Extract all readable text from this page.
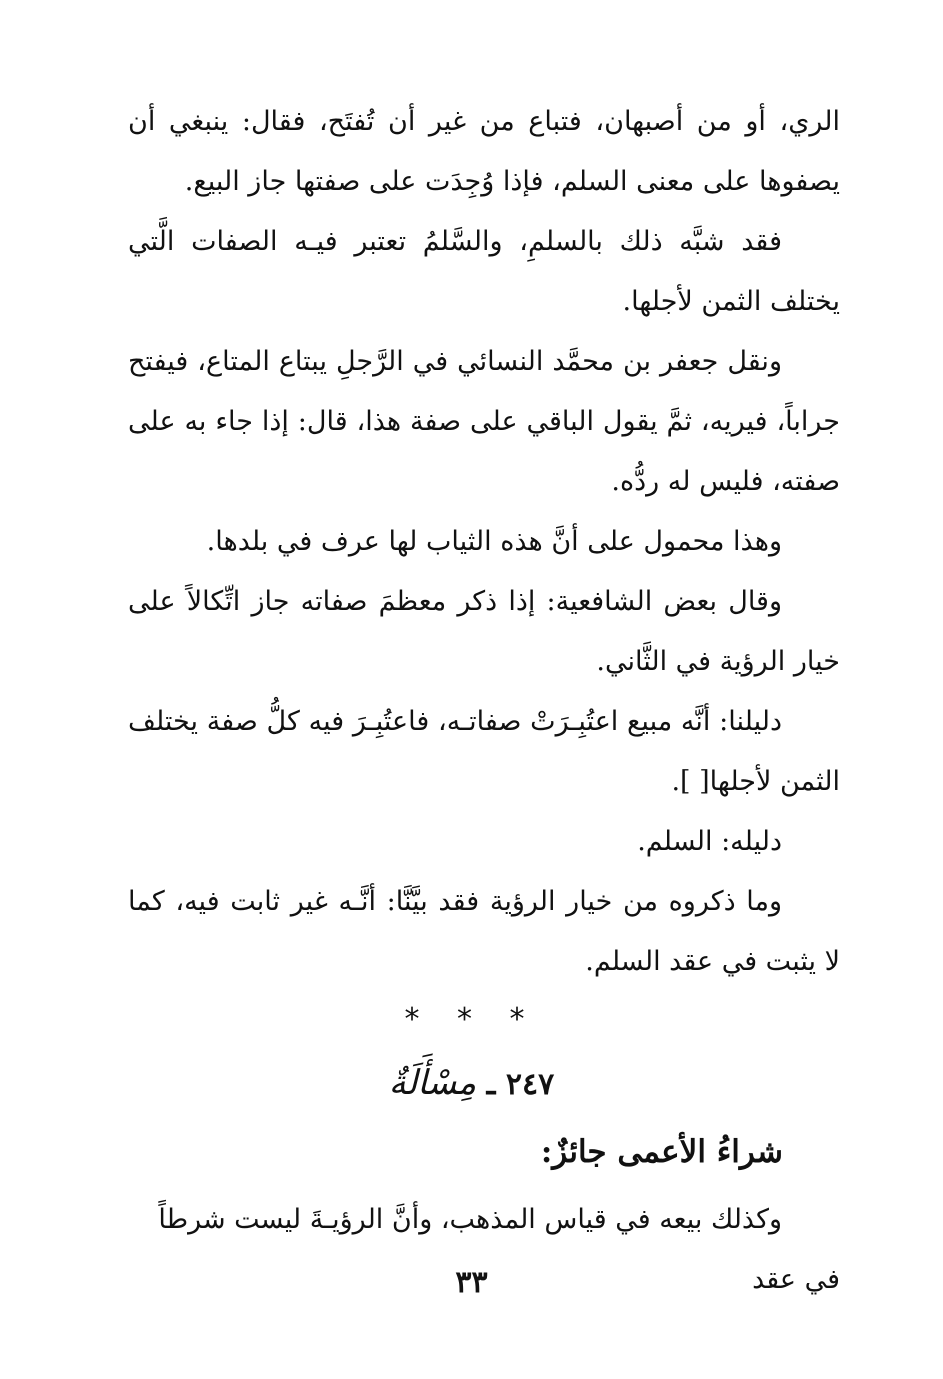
الري، أو من أصبهان، فتباع من غير أن تُفتَح، فقال: ينبغي أن يصفوها على معنى السلم، فإذا وُجِدَت على صفتها جاز البيع.

فقد شبَّه ذلك بالسلمِ، والسَّلمُ تعتبر فيـه الصفات الَّتي يختلف الثمن لأجلها.

ونقل جعفر بن محمَّد النسائي في الرَّجلِ يبتاع المتاع، فيفتح جراباً، فيريه، ثمَّ يقول الباقي على صفة هذا، قال: إذا جاء به على صفته، فليس له ردُّه.

وهذا محمول على أنَّ هذه الثياب لها عرف في بلدها.

وقال بعض الشافعية: إذا ذكر معظمَ صفاته جاز اتِّكالاً على خيار الرؤية في الثَّاني.

دليلنا: أنَّه مبيع اعتُبِـرَتْ صفاتـه، فاعتُبِـرَ فيه كلُّ صفة يختلف الثمن لأجلها[ ].

دليله: السلم.

وما ذكروه من خيار الرؤية فقد بيَّنَّا: أنَّـه غير ثابت فيه، كما لا يثبت في عقد السلم.

* * *
٢٤٧ ـ مِسْأَلَةٌ
شراءُ الأعمى جائزٌ:
وكذلك بيعه في قياس المذهب، وأنَّ الرؤيـةَ ليست شرطاً في عقد
٣٣
